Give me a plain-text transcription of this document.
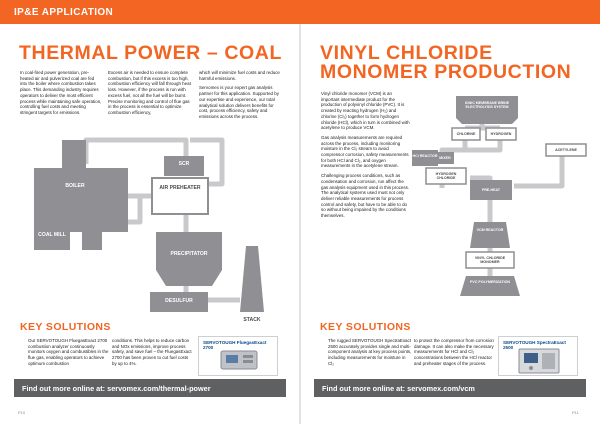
IP&E APPLICATION
THERMAL POWER – COAL

In coal-fired power generation, pre-heated air and pulverized coal are fed into the boiler where combustion takes place. This demanding industry requires operators to deliver the most efficient process while maintaining safe operation, controlling fuel costs and meeting stringent targets for emissions.

Excess air is needed to ensure complete combustion, but if this excess is too high, combustion efficiency will fall through heat loss. However, if the process is run with excess fuel, not all the fuel will be burnt. Precise monitoring and control of flue gas in the process is essential to optimize combustion efficiency,

which will minimize fuel costs and reduce harmful emissions.

Servomex is your expert gas analysis partner for this application. Supported by our expertise and experience, our total analytical solution delivers benefits for cost, process efficiency, safety and emissions across the process.

BOILER
SCR
AIR PREHEATER
COAL MILL
PRECIPITATOR
DESULFUR
STACK
KEY SOLUTIONS
Our SERVOTOUGH FluegasExact 2700 combustion analyzer continuously monitors oxygen and combustibles in the flue gas, enabling operators to achieve optimum combustion
conditions. This helps to reduce carbon and NOx emissions, improve process safety, and save fuel – the FluegasExact 2700 has been proven to cut fuel costs by up to 4%.
SERVOTOUGH FluegasExact 2700
Find out more online at: servomex.com/thermal-power
P10
VINYL CHLORIDE MONOMER PRODUCTION

Vinyl chloride monomer (VCM) is an important intermediate product for the production of polyvinyl chloride (PVC). It is created by reacting hydrogen (H₂) and chlorine (Cl₂) together to form hydrogen chloride (HCl), which in turn is combined with acetylene to produce VCM.

Gas analysis measurements are required across the process, including monitoring moisture in the Cl₂ stream to avoid compressor corrosion, safety measurements for both HCl and Cl₂, and oxygen measurements in the acetylene stream.

Challenging process conditions, such as condensation and corrosion, run affect the gas analysis equipment used in this process. The analytical systems used must not only deliver reliable measurements for process control and safety, but have to be able to do so without being impaired by the conditions themselves.

IONIC MEMBRANE BRINE ELECTROLYSIS SYSTEM
CHLORINE	HYDROGEN
HCl REACTOR MIXER
HYDROGEN CHLORIDE
ACETYLENE
PRE-HEAT
VCM REACTOR
VINYL CHLORIDE MONOMER
PVC POLYMERIZATION
KEY SOLUTIONS
The rugged SERVOTOUGH SpectraExact 2500 accurately provides single and multi-component analysis at key process points, including measurements for moisture in Cl₂
to protect the compressor from corrosion damage. It can also make the necessary measurements for HCl and Cl₂ concentrations between the HCl reactor and preheater stages of the process.
SERVOTOUGH SpectraExact 2500
Find out more online at: servomex.com/vcm
P11
